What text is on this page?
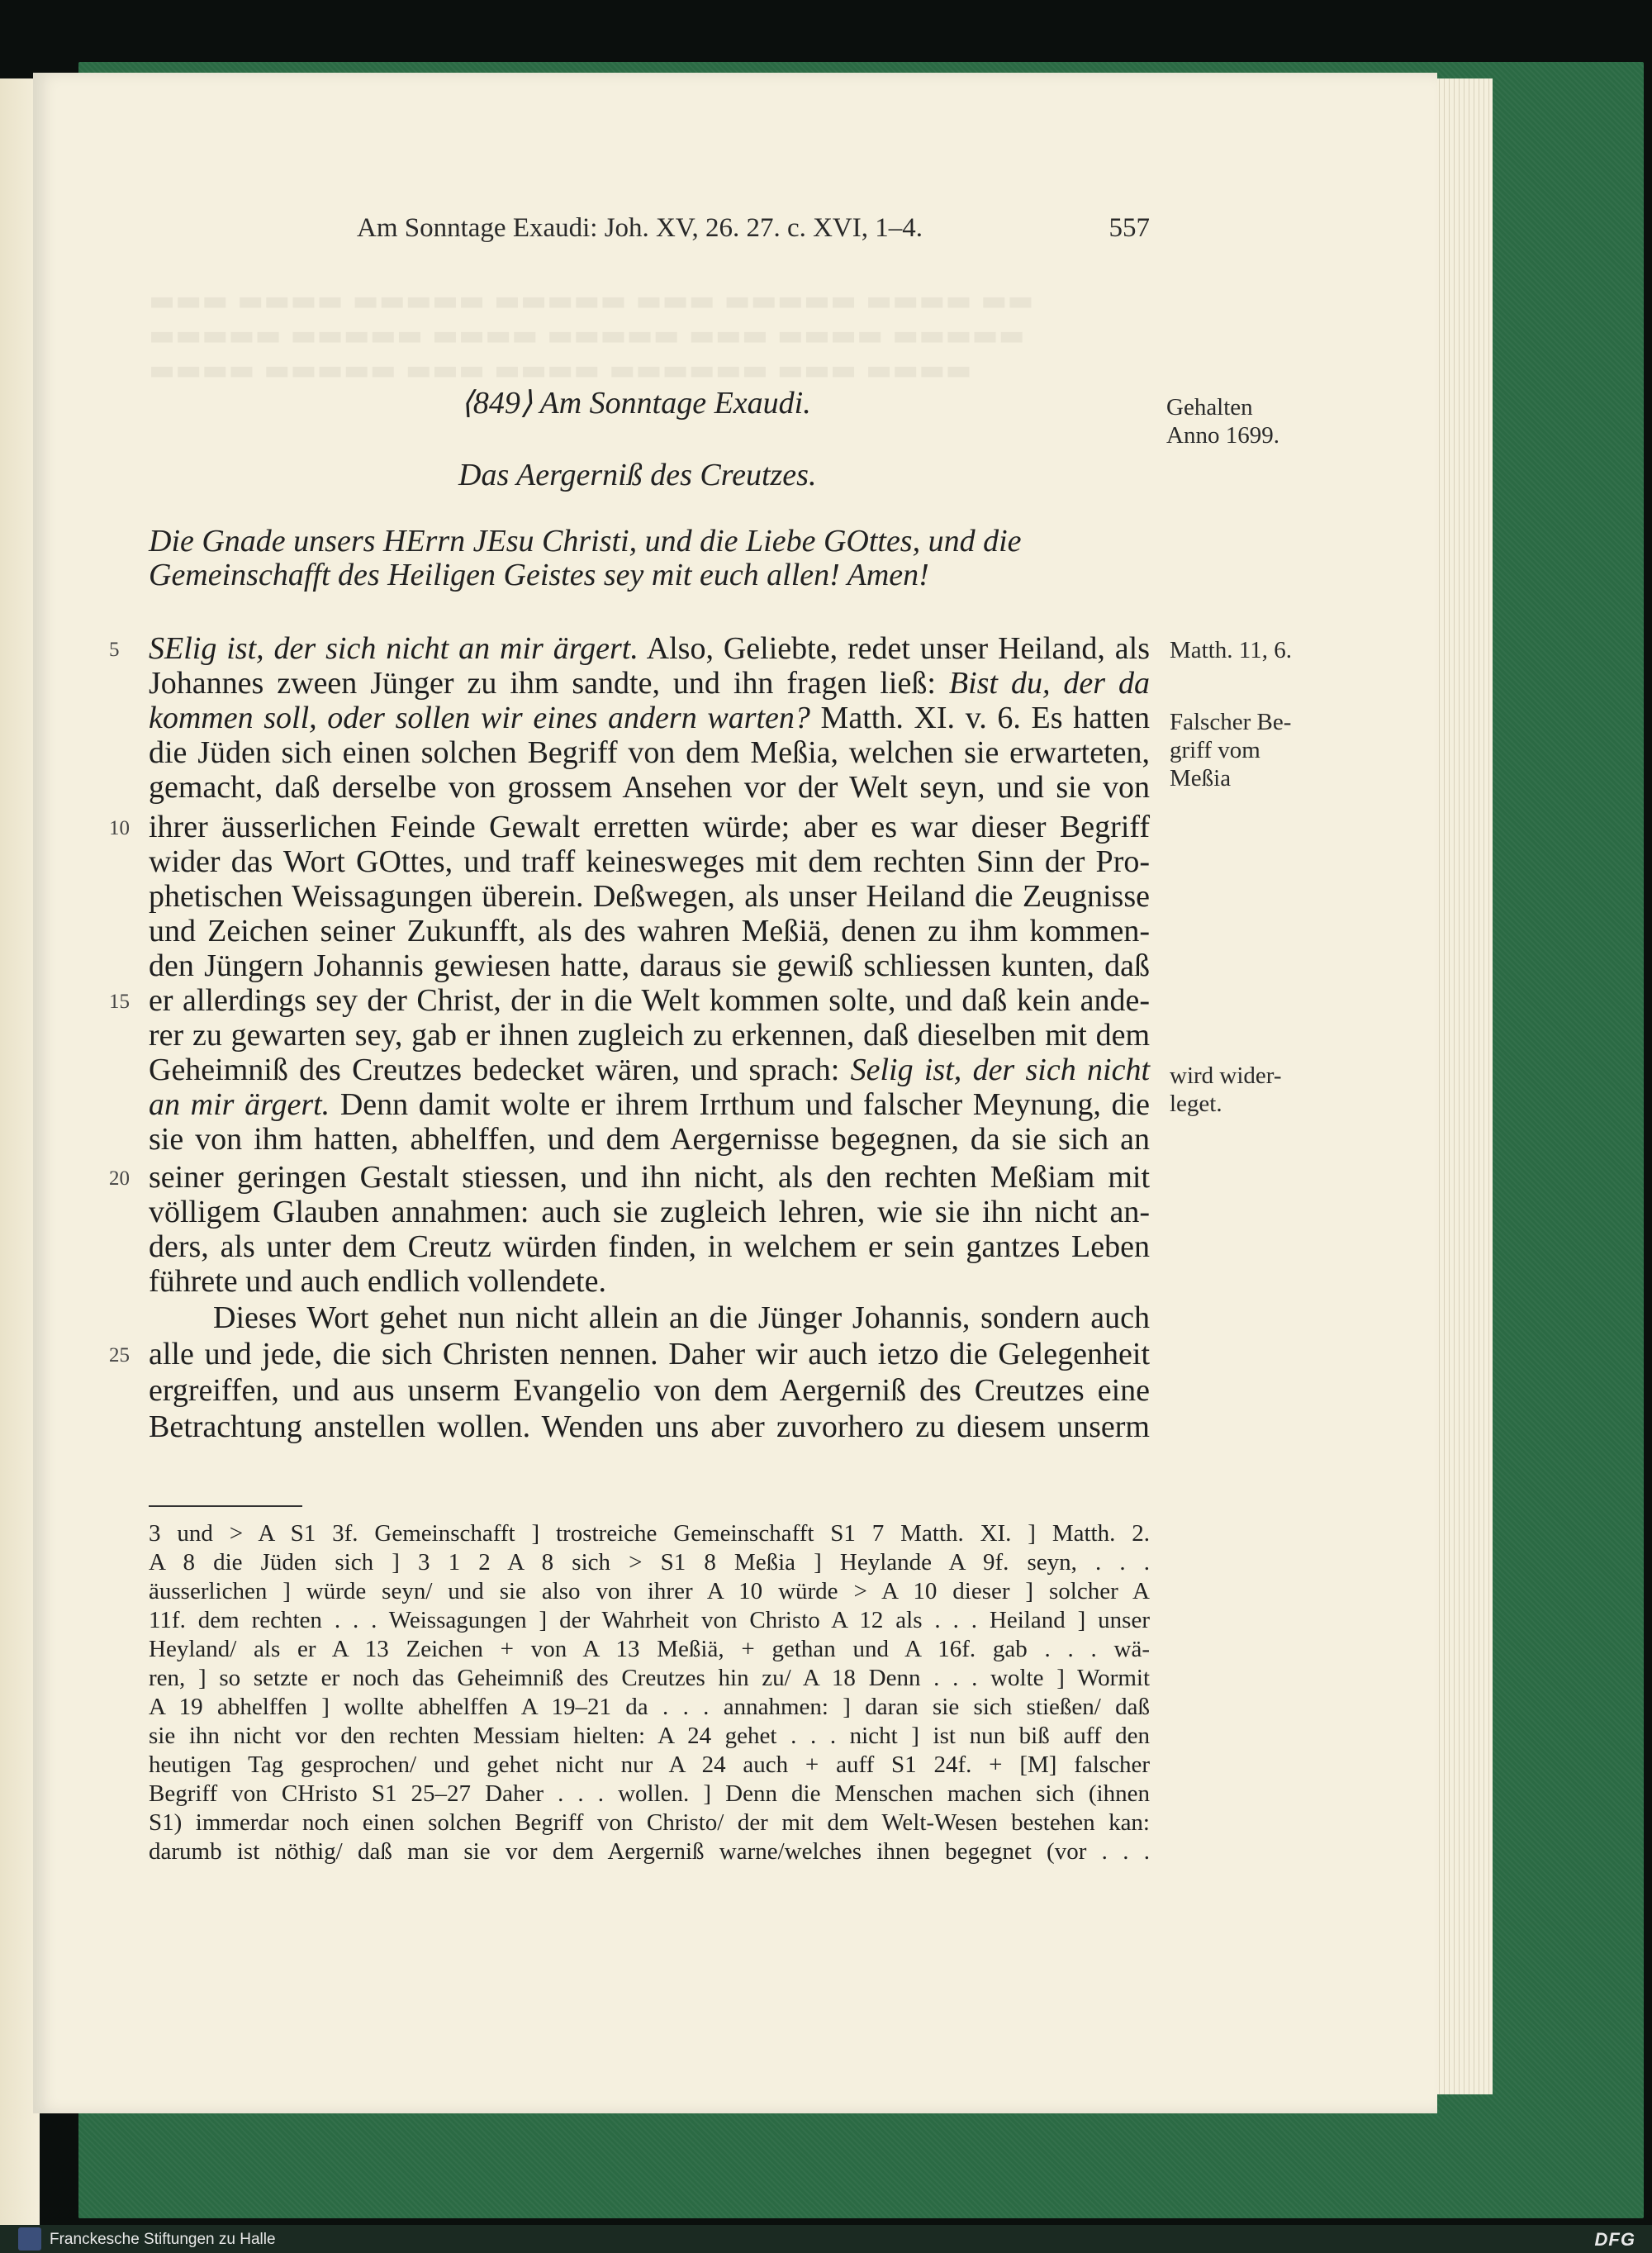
▬▬▬ ▬▬▬▬ ▬▬▬▬▬ ▬▬▬▬▬ ▬▬▬ ▬▬▬▬▬ ▬▬▬▬ ▬▬
▬▬▬▬▬ ▬▬▬▬▬ ▬▬▬▬ ▬▬▬▬▬ ▬▬▬ ▬▬▬▬ ▬▬▬▬▬
▬▬▬▬ ▬▬▬▬▬ ▬▬▬ ▬▬▬▬ ▬▬▬▬▬▬ ▬▬▬ ▬▬▬▬
Am Sonntage Exaudi: Joh. XV, 26. 27. c. XVI, 1–4.	557
⟨849⟩ Am Sonntage Exaudi.
Das Aergerniß des Creutzes.
Die Gnade unsers HErrn JEsu Christi, und die Liebe GOttes, und die Gemeinschafft des Heiligen Geistes sey mit euch allen! Amen!
Gehalten
Anno 1699.
Matth. 11, 6.
Falscher Be-
griff vom
Meßia
wird wider-
leget.
5
10
15
20
25
SElig ist, der sich nicht an mir ärgert. Also, Geliebte, redet unser Heiland, als
Johannes zween Jünger zu ihm sandte, und ihn fragen ließ: Bist du, der da
kommen soll, oder sollen wir eines andern warten? Matth. XI. v. 6. Es hatten
die Jüden sich einen solchen Begriff von dem Meßia, welchen sie erwarteten,
gemacht, daß derselbe von grossem Ansehen vor der Welt seyn, und sie von
ihrer äusserlichen Feinde Gewalt erretten würde; aber es war dieser Begriff
wider das Wort GOttes, und traff keinesweges mit dem rechten Sinn der Pro-
phetischen Weissagungen überein. Deßwegen, als unser Heiland die Zeugnisse
und Zeichen seiner Zukunfft, als des wahren Meßiä, denen zu ihm kommen-
den Jüngern Johannis gewiesen hatte, daraus sie gewiß schliessen kunten, daß
er allerdings sey der Christ, der in die Welt kommen solte, und daß kein ande-
rer zu gewarten sey, gab er ihnen zugleich zu erkennen, daß dieselben mit dem
Geheimniß des Creutzes bedecket wären, und sprach: Selig ist, der sich nicht
an mir ärgert. Denn damit wolte er ihrem Irrthum und falscher Meynung, die
sie von ihm hatten, abhelffen, und dem Aergernisse begegnen, da sie sich an
seiner geringen Gestalt stiessen, und ihn nicht, als den rechten Meßiam mit
völligem Glauben annahmen: auch sie zugleich lehren, wie sie ihn nicht an-
ders, als unter dem Creutz würden finden, in welchem er sein gantzes Leben
führete und auch endlich vollendete.
Dieses Wort gehet nun nicht allein an die Jünger Johannis, sondern auch
alle und jede, die sich Christen nennen. Daher wir auch ietzo die Gelegenheit
ergreiffen, und aus unserm Evangelio von dem Aergerniß des Creutzes eine
Betrachtung anstellen wollen. Wenden uns aber zuvorhero zu diesem unserm
3 und > A S1 3f. Gemeinschafft ] trostreiche Gemeinschafft S1 7 Matth. XI. ] Matth. 2.
A 8 die Jüden sich ] 3 1 2 A 8 sich > S1 8 Meßia ] Heylande A 9f. seyn, . . .
äusserlichen ] würde seyn/ und sie also von ihrer A 10 würde > A 10 dieser ] solcher A
11f. dem rechten . . . Weissagungen ] der Wahrheit von Christo A 12 als . . . Heiland ] unser
Heyland/ als er A 13 Zeichen + von A 13 Meßiä, + gethan und A 16f. gab . . . wä-
ren, ] so setzte er noch das Geheimniß des Creutzes hin zu/ A 18 Denn . . . wolte ] Wormit
A 19 abhelffen ] wollte abhelffen A 19–21 da . . . annahmen: ] daran sie sich stießen/ daß
sie ihn nicht vor den rechten Messiam hielten: A 24 gehet . . . nicht ] ist nun biß auff den
heutigen Tag gesprochen/ und gehet nicht nur A 24 auch + auff S1 24f. + [M] falscher
Begriff von CHristo S1 25–27 Daher . . . wollen. ] Denn die Menschen machen sich (ihnen
S1) immerdar noch einen solchen Begriff von Christo/ der mit dem Welt-Wesen bestehen kan:
darumb ist nöthig/ daß man sie vor dem Aergerniß warne/welches ihnen begegnet (vor . . .
Franckesche Stiftungen zu Halle	DFG
